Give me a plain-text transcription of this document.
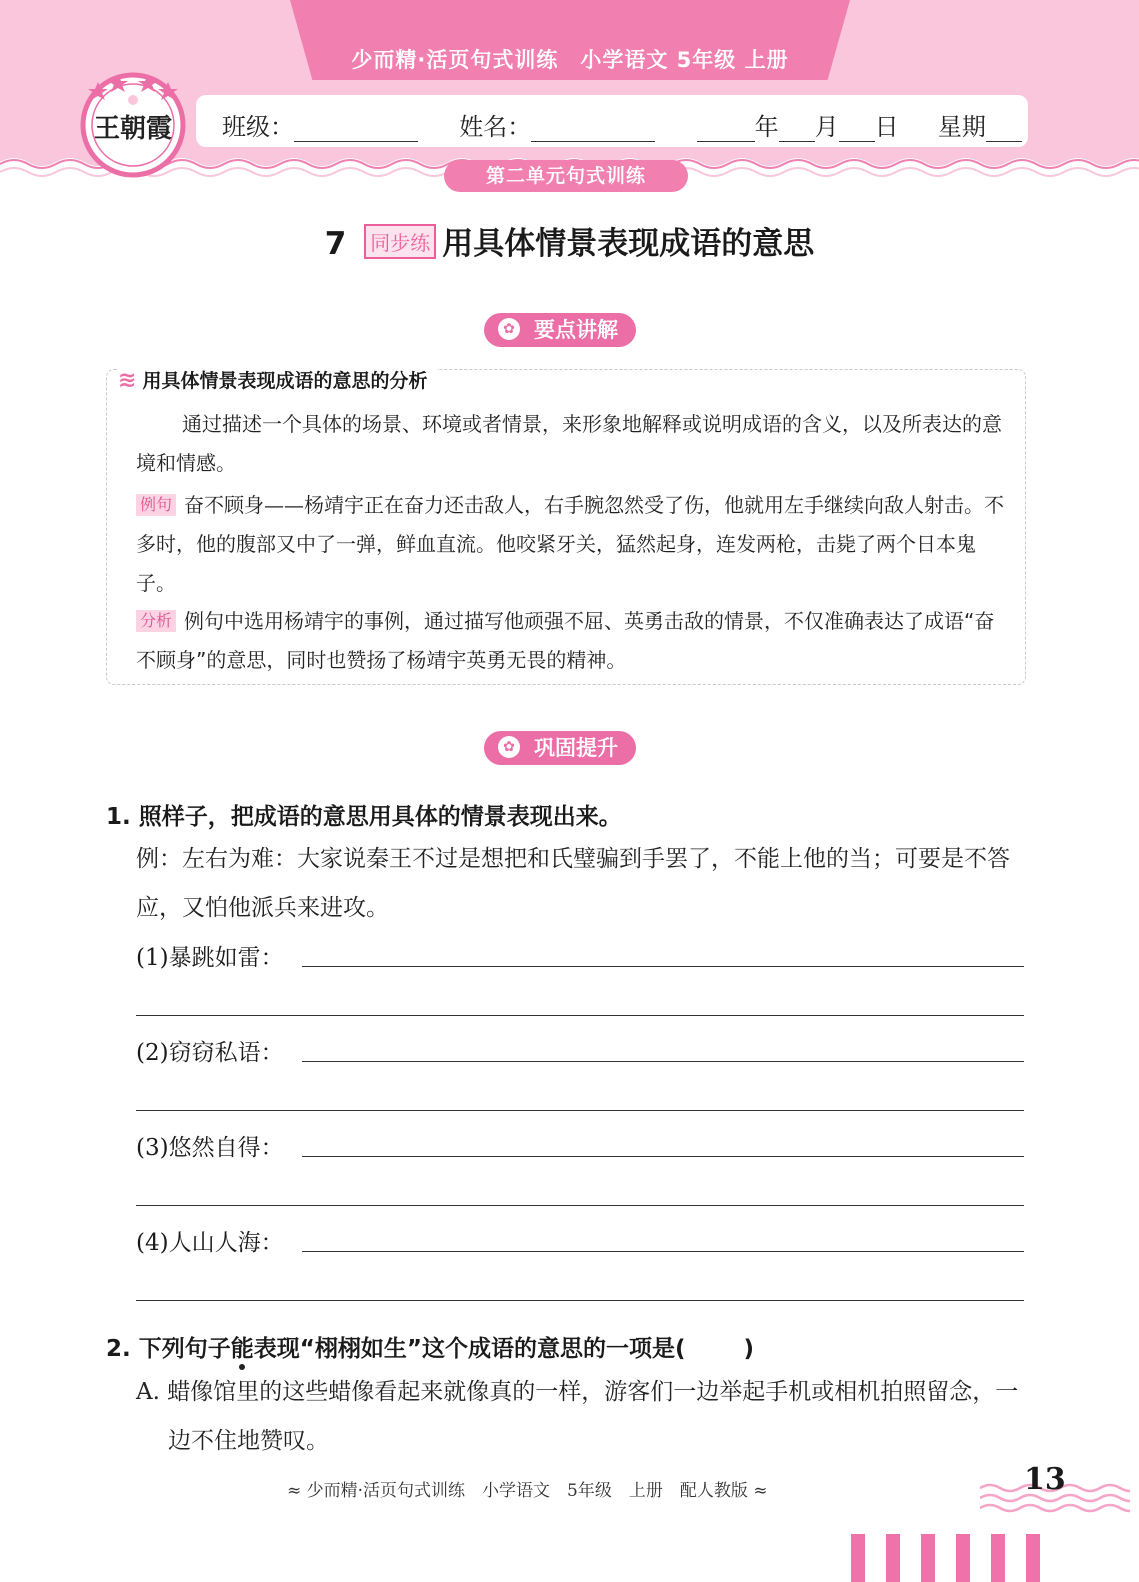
少而精·活页句式训练　小学语文 5年级 上册
王朝霞	班级：	姓名：	年 月 日 星期
第二单元句式训练
7 同步练 用具体情景表现成语的意思
✿ 要点讲解
≋ 用具体情景表现成语的意思的分析
通过描述一个具体的场景、环境或者情景，来形象地解释或说明成语的含义，以及所表达的意境和情感。
例句 奋不顾身——杨靖宇正在奋力还击敌人，右手腕忽然受了伤，他就用左手继续向敌人射击。不多时，他的腹部又中了一弹，鲜血直流。他咬紧牙关，猛然起身，连发两枪，击毙了两个日本鬼子。
分析 例句中选用杨靖宇的事例，通过描写他顽强不屈、英勇击敌的情景，不仅准确表达了成语“奋不顾身”的意思，同时也赞扬了杨靖宇英勇无畏的精神。
✿ 巩固提升
1. 照样子，把成语的意思用具体的情景表现出来。
例：左右为难：大家说秦王不过是想把和氏璧骗到手罢了，不能上他的当；可要是不答应，又怕他派兵来进攻。
(1)暴跳如雷：
(2)窃窃私语：
(3)悠然自得：
(4)人山人海：
2. 下列句子能表现“栩栩如生”这个成语的意思的一项是(	)
A. 蜡像馆里的这些蜡像看起来就像真的一样，游客们一边举起手机或相机拍照留念，一边不住地赞叹。
≈ 少而精·活页句式训练　小学语文　5年级　上册　配人教版 ≈	13
